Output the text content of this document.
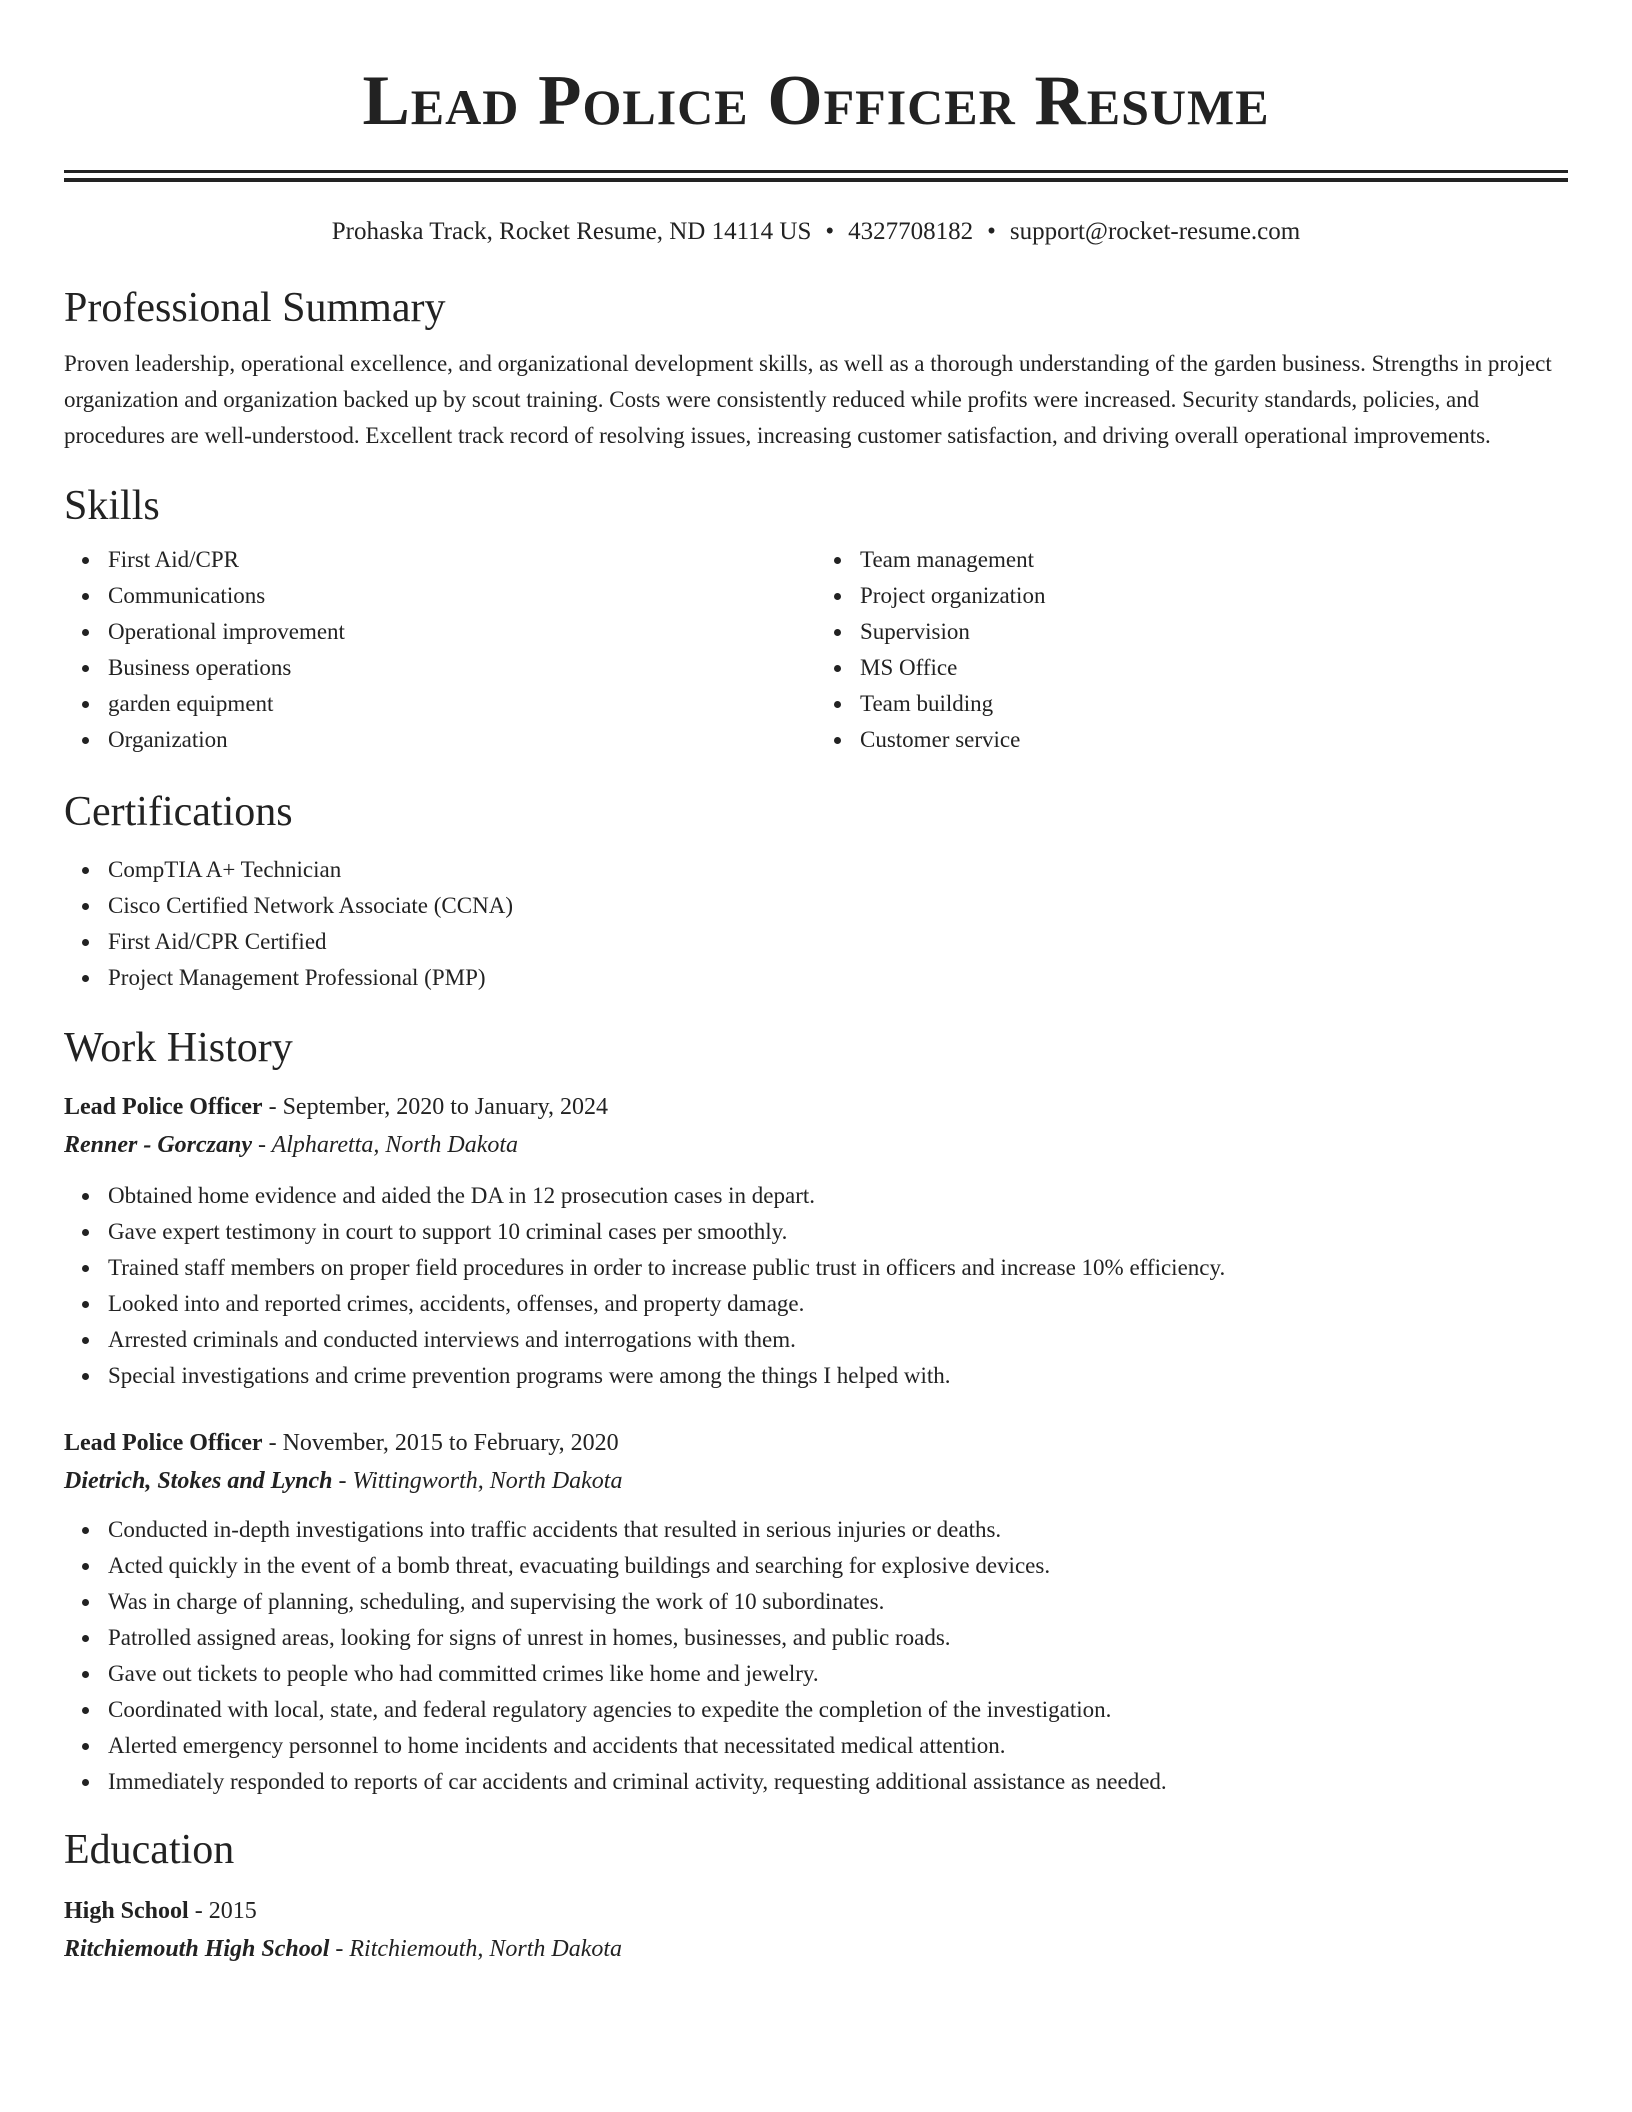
Lead Police Officer Resume
Prohaska Track, Rocket Resume, ND 14114 US • 4327708182 • support@rocket-resume.com
Professional Summary

Proven leadership, operational excellence, and organizational development skills, as well as a thorough understanding of the garden business. Strengths in project organization and organization backed up by scout training. Costs were consistently reduced while profits were increased. Security standards, policies, and procedures are well-understood. Excellent track record of resolving issues, increasing customer satisfaction, and driving overall operational improvements.

Skills
First Aid/CPR
Communications
Operational improvement
Business operations
garden equipment
Organization
Team management
Project organization
Supervision
MS Office
Team building
Customer service
Certifications
CompTIA A+ Technician
Cisco Certified Network Associate (CCNA)
First Aid/CPR Certified
Project Management Professional (PMP)
Work History
Lead Police Officer - September, 2020 to January, 2024
Renner - Gorczany - Alpharetta, North Dakota
Obtained home evidence and aided the DA in 12 prosecution cases in depart.
Gave expert testimony in court to support 10 criminal cases per smoothly.
Trained staff members on proper field procedures in order to increase public trust in officers and increase 10% efficiency.
Looked into and reported crimes, accidents, offenses, and property damage.
Arrested criminals and conducted interviews and interrogations with them.
Special investigations and crime prevention programs were among the things I helped with.
Lead Police Officer - November, 2015 to February, 2020
Dietrich, Stokes and Lynch - Wittingworth, North Dakota
Conducted in-depth investigations into traffic accidents that resulted in serious injuries or deaths.
Acted quickly in the event of a bomb threat, evacuating buildings and searching for explosive devices.
Was in charge of planning, scheduling, and supervising the work of 10 subordinates.
Patrolled assigned areas, looking for signs of unrest in homes, businesses, and public roads.
Gave out tickets to people who had committed crimes like home and jewelry.
Coordinated with local, state, and federal regulatory agencies to expedite the completion of the investigation.
Alerted emergency personnel to home incidents and accidents that necessitated medical attention.
Immediately responded to reports of car accidents and criminal activity, requesting additional assistance as needed.
Education
High School - 2015
Ritchiemouth High School - Ritchiemouth, North Dakota
